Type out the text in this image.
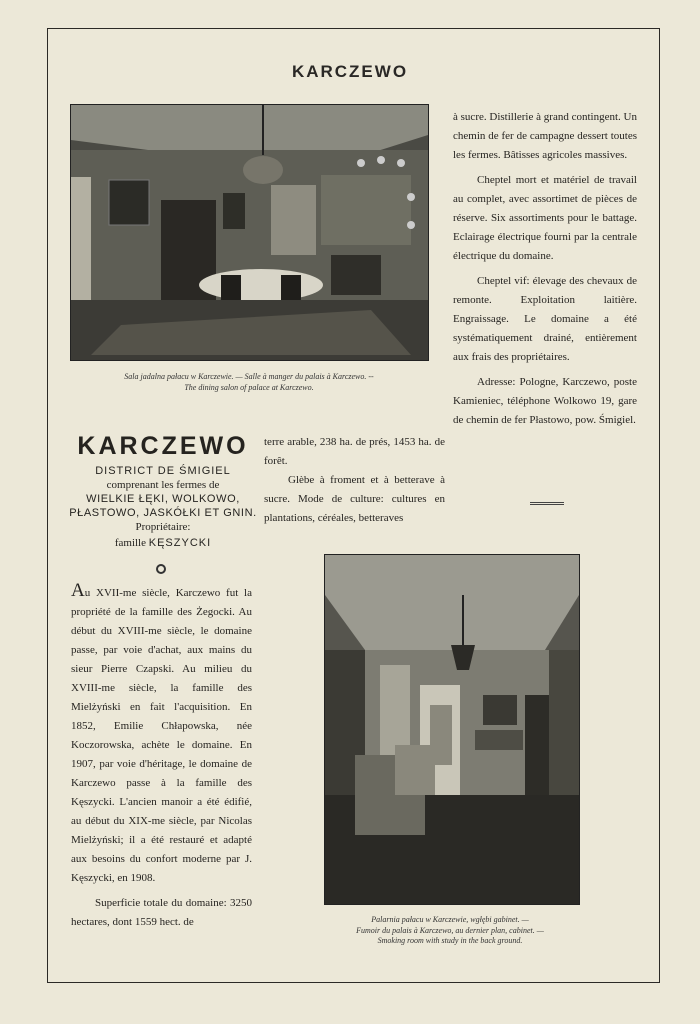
KARCZEWO
Sala jadalna pałacu w Karczewie. — Salle à manger du palais à Karczewo. --
The dining salon of palace at Karczewo.

à sucre. Distillerie à grand contingent. Un chemin de fer de campagne dessert toutes les fermes. Bâtisses agricoles massives.

Cheptel mort et matériel de travail au complet, avec assortimet de pièces de réserve. Six assortiments pour le battage. Eclairage électrique fourni par la centrale électrique du domaine.

Cheptel vif: élevage des chevaux de remonte. Exploitation laitière. Engraissage. Le domaine a été systématiquement drainé, entièrement aux frais des propriétaires.

Adresse: Pologne, Karczewo, poste Kamieniec, téléphone Wolkowo 19, gare de chemin de fer Płastowo, pow. Śmigiel.

KARCZEWO
DISTRICT DE ŚMIGIEL
comprenant les fermes de
WIELKIE ŁĘKI, WOLKOWO,
PŁASTOWO, JASKÓŁKI ET GNIN.
Propriétaire:
famille KĘSZYCKI

Au XVII-me siècle, Karczewo fut la propriété de la famille des Żegocki. Au début du XVIII-me siècle, le domaine passe, par voie d'achat, aux mains du sieur Pierre Czapski. Au milieu du XVIII-me siècle, la famille des Mielżyński en fait l'acquisition. En 1852, Emilie Chłapowska, née Koczorowska, achète le domaine. En 1907, par voie d'héritage, le domaine de Karczewo passe à la famille des Kęszycki. L'ancien manoir a été édifié, au début du XIX-me siècle, par Nicolas Mielżyński; il a été restauré et adapté aux besoins du confort moderne par J. Kęszycki, en 1908.

Superficie totale du domaine: 3250 hectares, dont 1559 hect. de

terre arable, 238 ha. de prés, 1453 ha. de forêt.

Glèbe à froment et à betterave à sucre. Mode de culture: cultures en plantations, céréales, betteraves

Palarnia pałacu w Karczewie, wgłębi gabinet. —
Fumoir du palais à Karczewo, au dernier plan, cabinet. —
Smoking room with study in the back ground.
